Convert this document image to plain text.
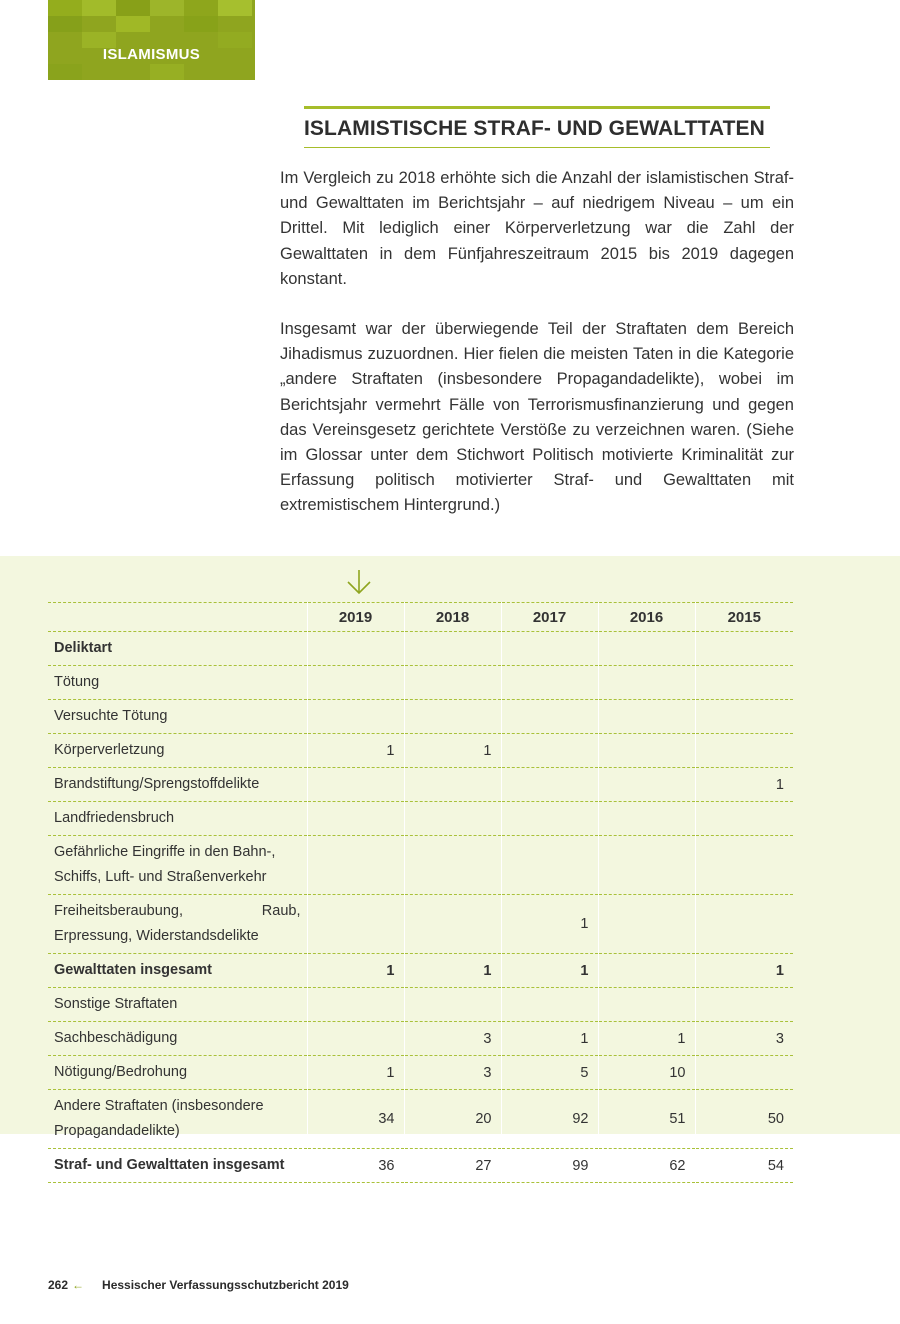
ISLAMISMUS
ISLAMISTISCHE STRAF- UND GEWALTTATEN

Im Vergleich zu 2018 erhöhte sich die Anzahl der islamistischen Straf- und Gewalttaten im Berichtsjahr – auf niedrigem Niveau – um ein Drittel. Mit lediglich einer Körperverletzung war die Zahl der Gewalttaten in dem Fünfjahreszeitraum 2015 bis 2019 dagegen konstant.

Insgesamt war der überwiegende Teil der Straftaten dem Bereich Jihadismus zuzuordnen. Hier fielen die meisten Taten in die Kategorie „andere Straftaten (insbesondere Propagandadelikte), wobei im Berichtsjahr vermehrt Fälle von Terrorismusfinanzierung und gegen das Vereinsgesetz gerichtete Verstöße zu verzeichnen waren. (Siehe im Glossar unter dem Stichwort Politisch motivierte Kriminalität zur Erfassung politisch motivierter Straf- und Gewalttaten mit extremistischem Hintergrund.)

	2019	2018	2017	2016	2015
Deliktart					
Tötung					
Versuchte Tötung					
Körperverletzung	1	1			
Brandstiftung/Sprengstoffdelikte					1
Landfriedensbruch					
Gefährliche Eingriffe in den Bahn-, Schiffs, Luft- und Straßenverkehr					
Freiheitsberaubung, Raub, Erpressung, Widerstandsdelikte			1		
Gewalttaten insgesamt	1	1	1		1
Sonstige Straftaten					
Sachbeschädigung		3	1	1	3
Nötigung/Bedrohung	1	3	5	10	
Andere Straftaten (insbesondere Propagandadelikte)	34	20	92	51	50
Straf- und Gewalttaten insgesamt	36	27	99	62	54
262 ← Hessischer Verfassungsschutzbericht 2019
